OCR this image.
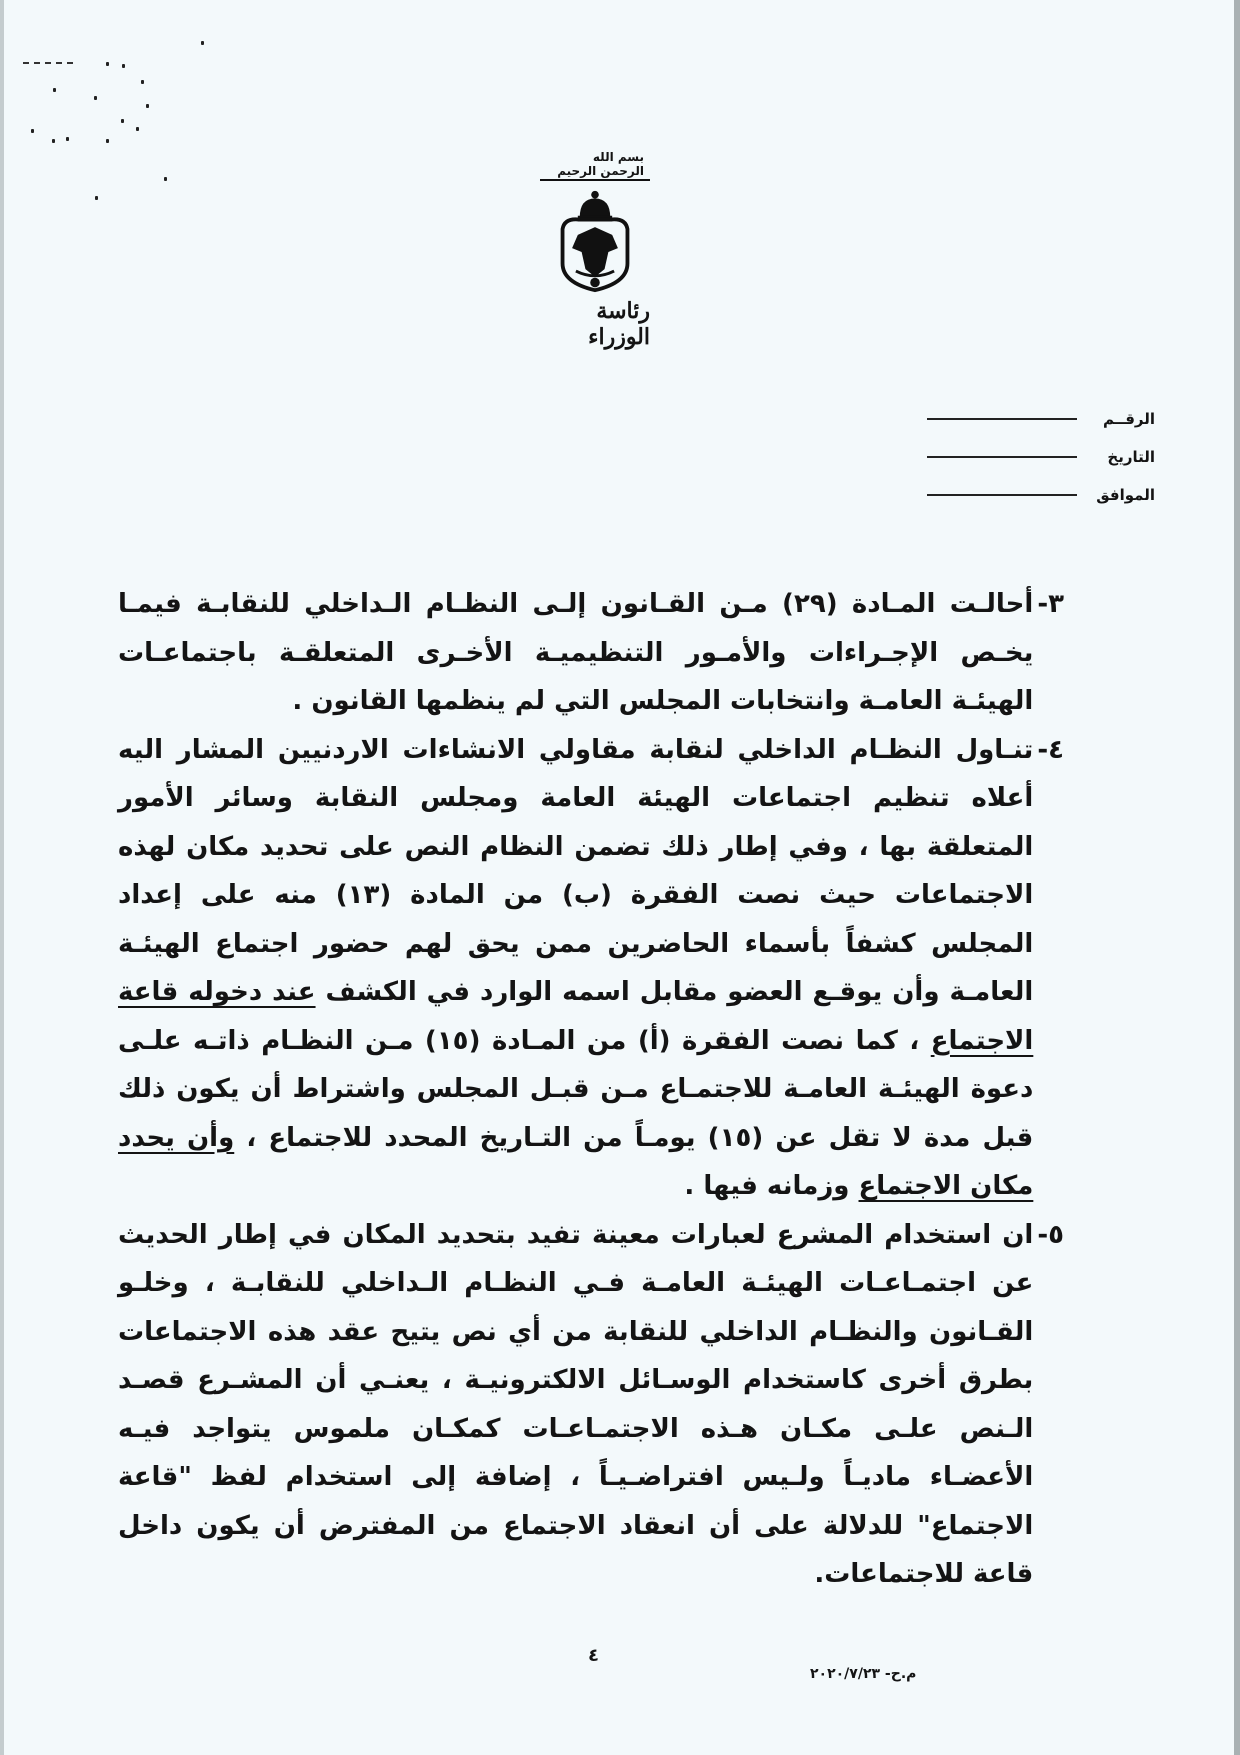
بسم الله الرحمن الرحيم
رئاسة الوزراء
الرقــم
التاريخ
الموافق
٣-
أحالـت المـادة (٢٩) مـن القـانون إلـى النظـام الـداخلي للنقابـة فيمـا يخـص الإجـراءات والأمـور التنظيميـة الأخـرى المتعلقـة باجتماعـات الهيئـة العامـة وانتخابات المجلس التي لم ينظمها القانون .
٤-
تنـاول النظـام الداخلي لنقابة مقاولي الانشاءات الاردنيين المشار اليه أعلاه تنظيم اجتماعات الهيئة العامة ومجلس النقابة وسائر الأمور المتعلقة بها ، وفي إطار ذلك تضمن النظام النص على تحديد مكان لهذه الاجتماعات حيث نصت الفقرة (ب) من المادة (١٣) منه على إعداد المجلس كشفاً بأسماء الحاضرين ممن يحق لهم حضور اجتماع الهيئـة العامـة وأن يوقـع العضو مقابل اسمه الوارد في الكشف عند دخوله قاعة الاجتماع ، كما نصت الفقرة (أ) من المـادة (١٥) مـن النظـام ذاتـه علـى دعوة الهيئـة العامـة للاجتمـاع مـن قبـل المجلس واشتراط أن يكون ذلك قبل مدة لا تقل عن (١٥) يومـاً من التـاريخ المحدد للاجتماع ، وأن يحدد مكان الاجتماع وزمانه فيها .
٥-
ان استخدام المشرع لعبارات معينة تفيد بتحديد المكان في إطار الحديث عن اجتمـاعـات الهيئـة العامـة فـي النظـام الـداخلي للنقابـة ، وخلـو القـانون والنظـام الداخلي للنقابة من أي نص يتيح عقد هذه الاجتماعات بطرق أخرى كاستخدام الوسـائل الالكترونيـة ، يعنـي أن المشـرع قصـد الـنص علـى مكـان هـذه الاجتمـاعـات كمكـان ملموس يتواجد فيـه الأعضـاء ماديـاً ولـيس افتراضـيـاً ، إضافة إلى استخدام لفظ "قاعة الاجتماع" للدلالة على أن انعقاد الاجتماع من المفترض أن يكون داخل قاعة للاجتماعات.
٤
م.ح- ٢٠٢٠/٧/٢٣
